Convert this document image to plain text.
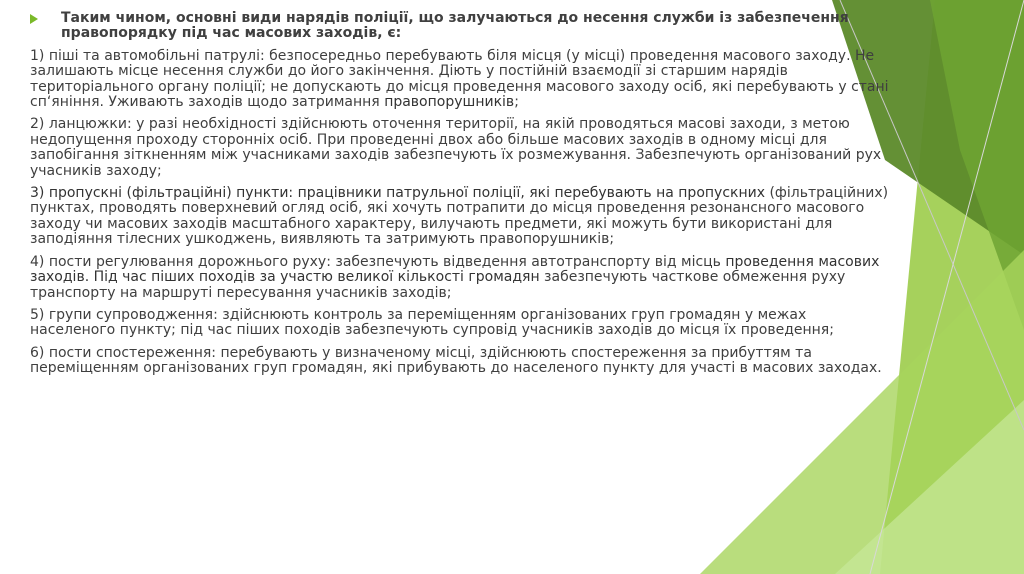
Таким чином, основні види нарядів поліції, що залучаються до несення служби із забезпечення правопорядку під час масових заходів, є:

1) піші та автомобільні патрулі: безпосередньо перебувають біля місця (у місці) проведення масового заходу. Не залишають місце несення служби до його закінчення. Діють у постійній взаємодії зі старшим нарядів територіального органу поліції; не допускають до місця проведення масового заходу осіб, які перебувають у стані сп‘яніння. Уживають заходів щодо затримання правопорушників;

2) ланцюжки: у разі необхідності здійснюють оточення території, на якій проводяться масові заходи, з метою недопущення проходу сторонніх осіб. При проведенні двох або більше масових заходів в одному місці для запобігання зіткненням між учасниками заходів забезпечують їх розмежування. Забезпечують організований рух учасників заходу;

3) пропускні (фільтраційні) пункти: працівники патрульної поліції, які перебувають на пропускних (фільтраційних) пунктах, проводять поверхневий огляд осіб, які хочуть потрапити до місця проведення резонансного масового заходу чи масових заходів масштабного характеру, вилучають предмети, які можуть бути використані для заподіяння тілесних ушкоджень, виявляють та затримують правопорушників;

4) пости регулювання дорожнього руху: забезпечують відведення автотранспорту від місць проведення масових заходів. Під час піших походів за участю великої кількості громадян забезпечують часткове обмеження руху транспорту на маршруті пересування учасників заходів;

5) групи супроводження: здійснюють контроль за переміщенням організованих груп громадян у межах населеного пункту; під час піших походів забезпечують супровід учасників заходів до місця їх проведення;

6) пости спостереження: перебувають у визначеному місці, здійснюють спостереження за прибуттям та переміщенням організованих груп громадян, які прибувають до населеного пункту для участі в масових заходах.
